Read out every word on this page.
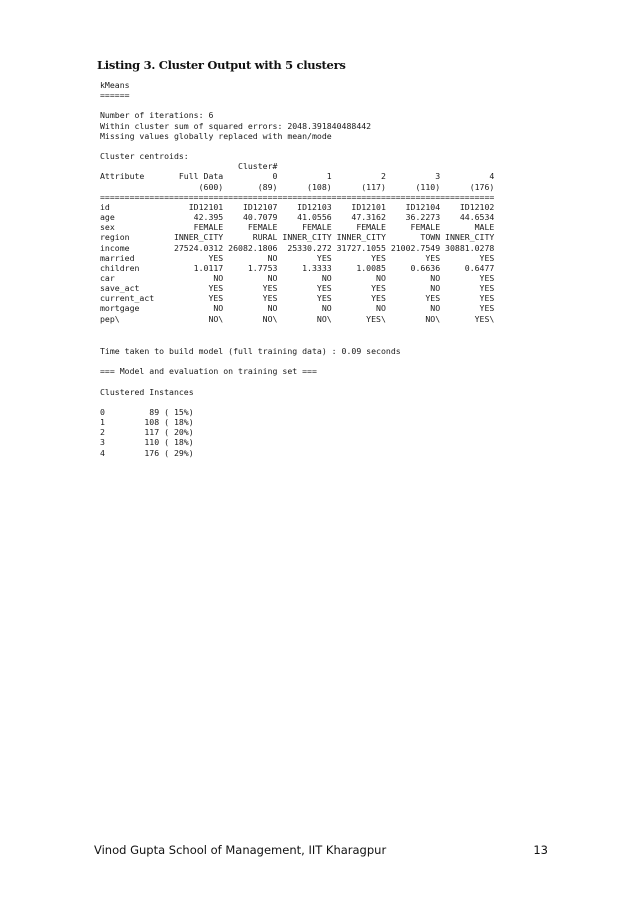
Listing 3. Cluster Output with 5 clusters
kMeans
======

Number of iterations: 6
Within cluster sum of squared errors: 2048.391840488442
Missing values globally replaced with mean/mode

Cluster centroids:
Cluster#
Attribute       Full Data          0          1          2          3          4
(600)       (89)      (108)      (117)      (110)      (176)
================================================================================
id                ID12101    ID12107    ID12103    ID12101    ID12104    ID12102
age                42.395    40.7079    41.0556    47.3162    36.2273    44.6534
sex                FEMALE     FEMALE     FEMALE     FEMALE     FEMALE       MALE
region         INNER_CITY      RURAL INNER_CITY INNER_CITY       TOWN INNER_CITY
income         27524.0312 26082.1806  25330.272 31727.1055 21002.7549 30881.0278
married               YES         NO        YES        YES        YES        YES
children           1.0117     1.7753     1.3333     1.0085     0.6636     0.6477
car                    NO         NO         NO         NO         NO        YES
save_act              YES        YES        YES        YES         NO        YES
current_act           YES        YES        YES        YES        YES        YES
mortgage               NO         NO         NO         NO         NO        YES
pep\                  NO\        NO\        NO\       YES\        NO\       YES\

Time taken to build model (full training data) : 0.09 seconds

=== Model and evaluation on training set ===

Clustered Instances

0         89 ( 15%)
1        108 ( 18%)
2        117 ( 20%)
3        110 ( 18%)
4        176 ( 29%)

Vinod Gupta School of Management, IIT Kharagpur	13
